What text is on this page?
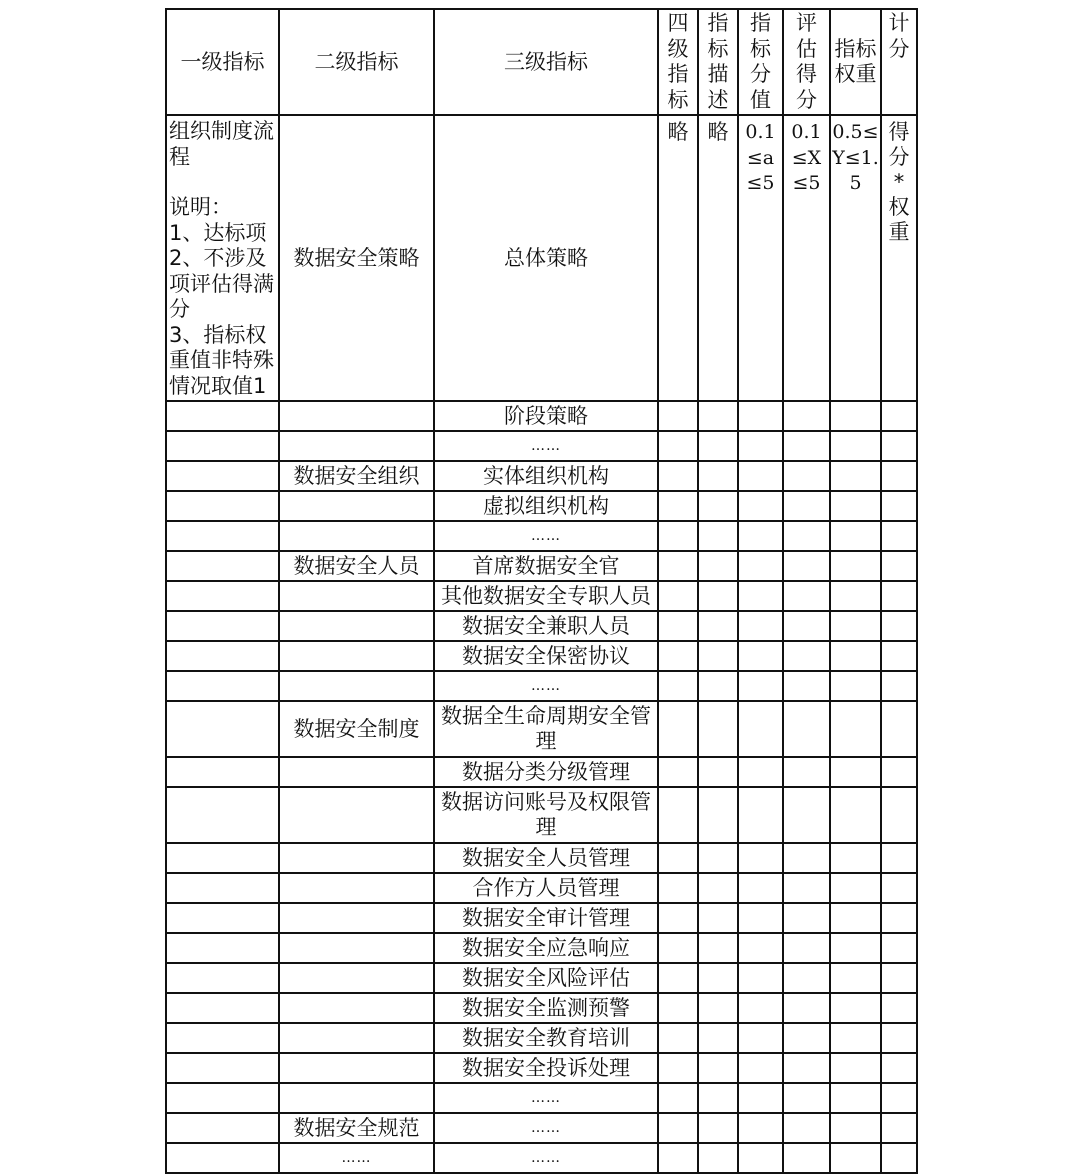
一级指标	二级指标	三级指标	四级指标	指标描述	指标分值	评估得分	指标权重	计分

组织制度流程
说明：
1、达标项
2、不涉及项评估得满分
3、指标权重值非特殊情况取值1	数据安全策略	总体策略	略	略	0.1≤a≤5	0.1≤X≤5	0.5≤Y≤1.5	得分*权重
		阶段策略						
		……						
	数据安全组织	实体组织机构						
		虚拟组织机构						
		……						
	数据安全人员	首席数据安全官						
		其他数据安全专职人员						
		数据安全兼职人员						
		数据安全保密协议						
		……						
	数据安全制度	数据全生命周期安全管理						
		数据分类分级管理						
		数据访问账号及权限管理						
		数据安全人员管理						
		合作方人员管理						
		数据安全审计管理						
		数据安全应急响应						
		数据安全风险评估						
		数据安全监测预警						
		数据安全教育培训						
		数据安全投诉处理						
		……						
	数据安全规范	……						
	……	……						
